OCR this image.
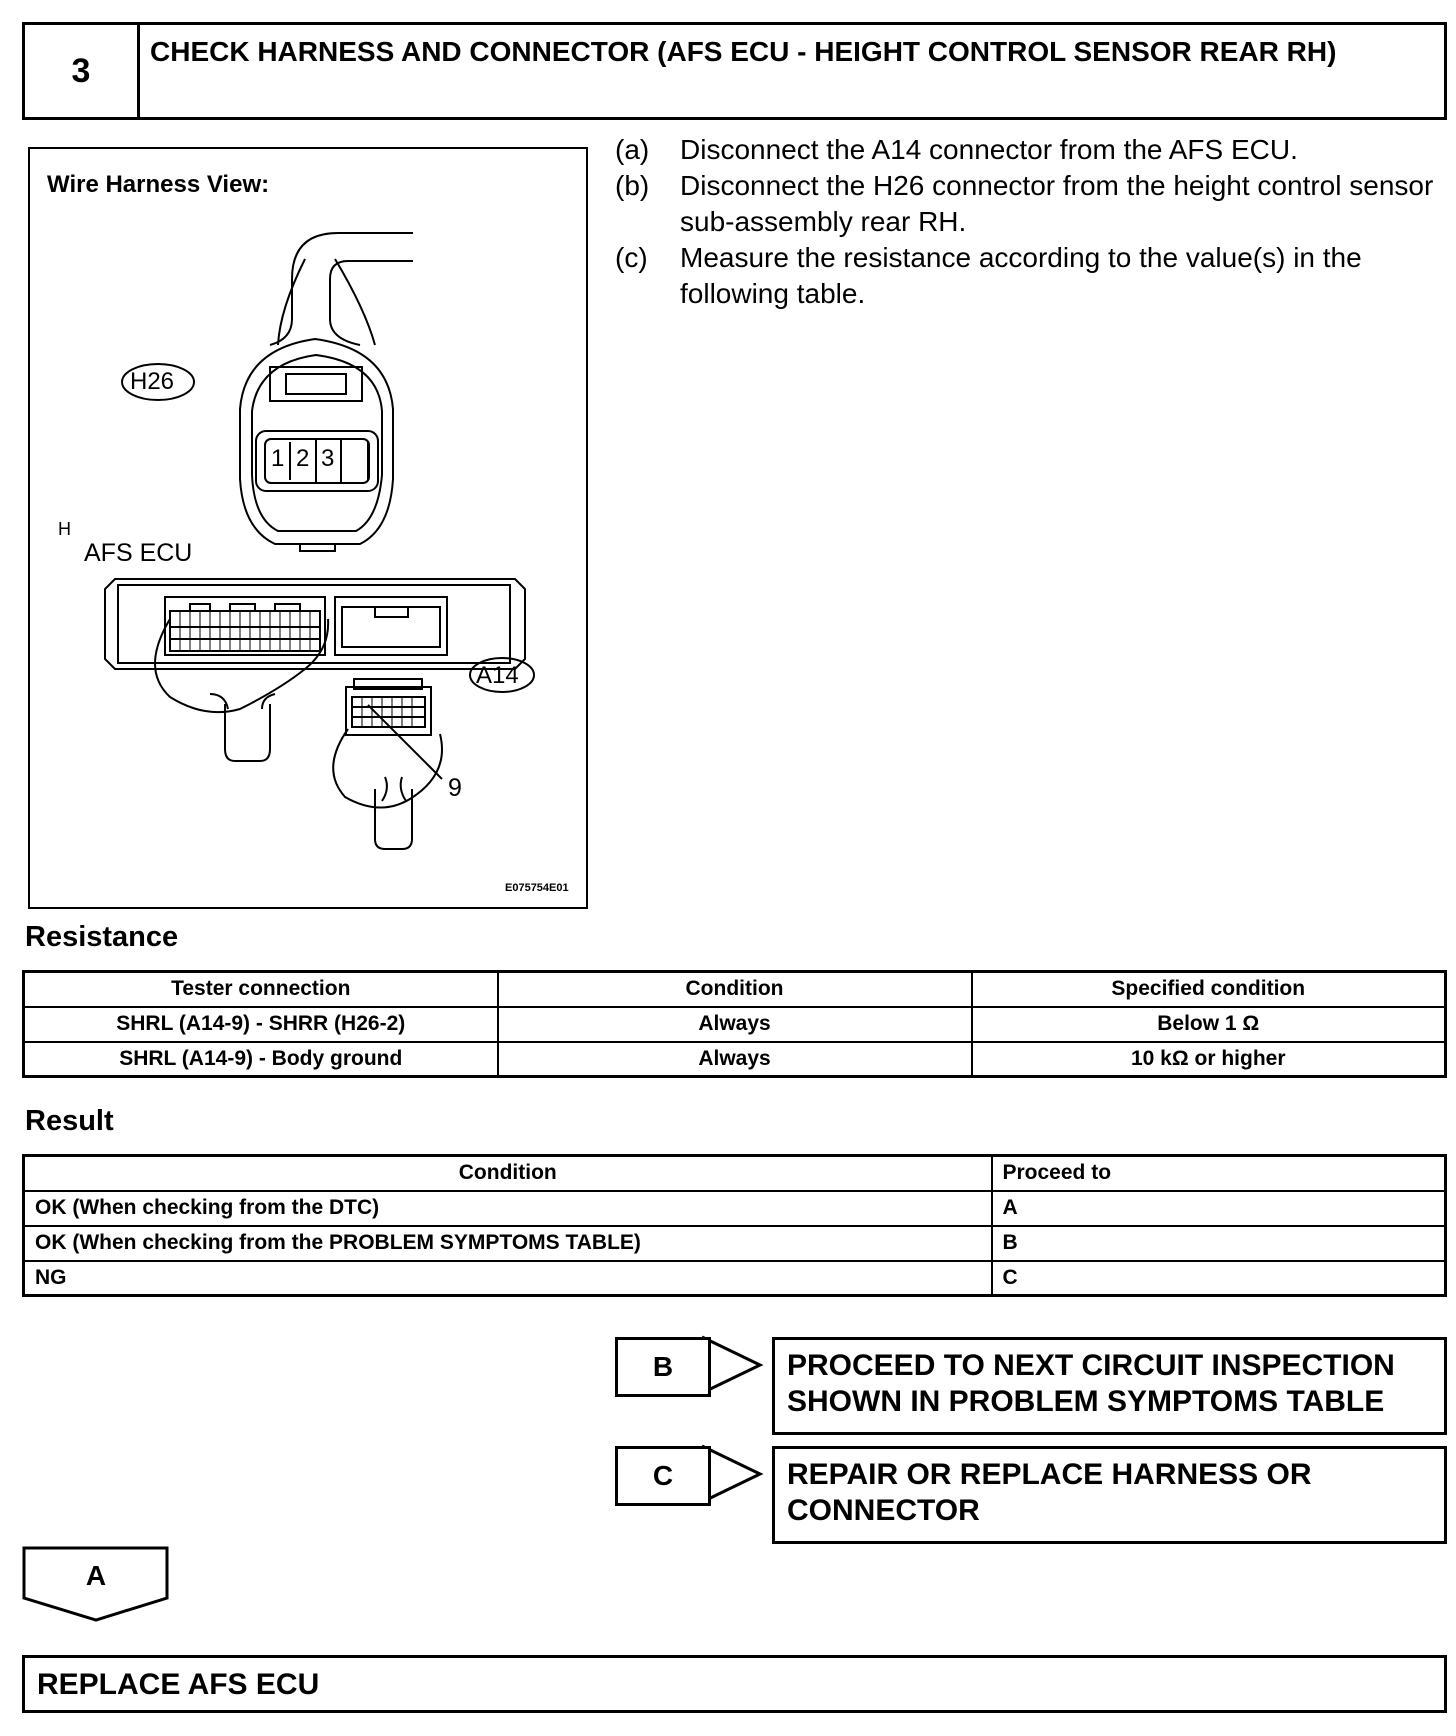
3	CHECK HARNESS AND CONNECTOR (AFS ECU - HEIGHT CONTROL SENSOR REAR RH)
Wire Harness View:
H26
1 2 3
H
AFS ECU
A14
9
E075754E01
(a)	Disconnect the A14 connector from the AFS ECU.
(b)	Disconnect the H26 connector from the height control sensor sub-assembly rear RH.
(c)	Measure the resistance according to the value(s) in the following table.
Resistance
Tester connection	Condition	Specified condition
SHRL (A14-9) - SHRR (H26-2)	Always	Below 1 Ω
SHRL (A14-9) - Body ground	Always	10 kΩ or higher
Result
Condition	Proceed to
OK (When checking from the DTC)	A
OK (When checking from the PROBLEM SYMPTOMS TABLE)	B
NG	C
B	PROCEED TO NEXT CIRCUIT INSPECTION SHOWN IN PROBLEM SYMPTOMS TABLE
C	REPAIR OR REPLACE HARNESS OR CONNECTOR
A
REPLACE AFS ECU
